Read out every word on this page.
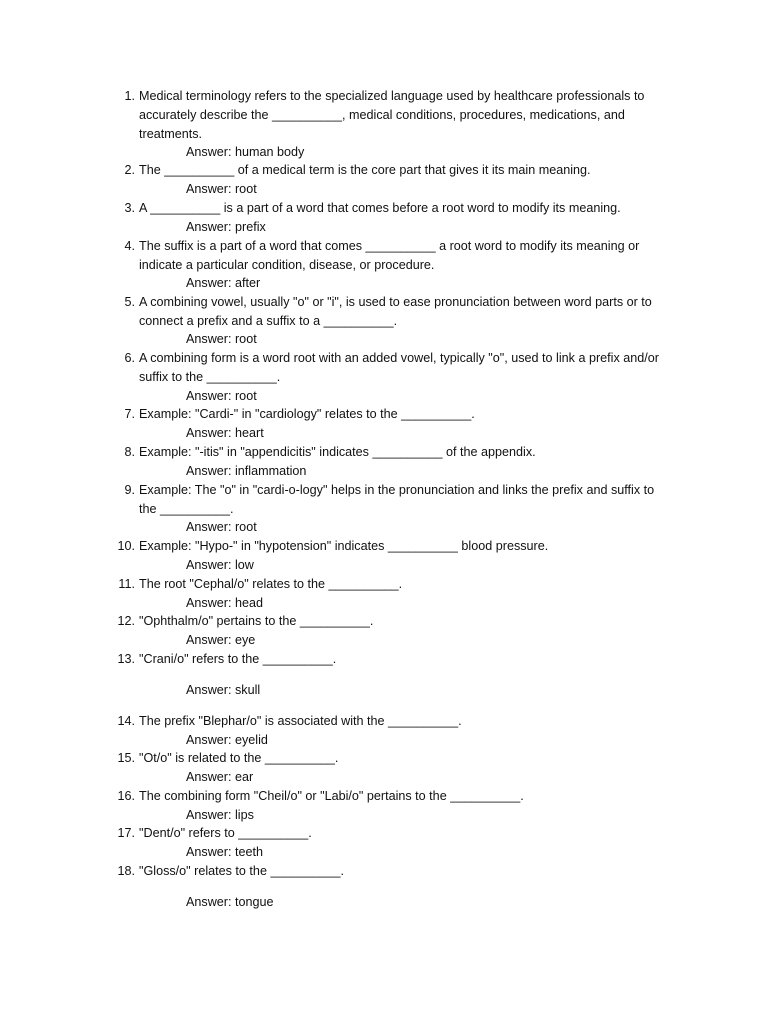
1. Medical terminology refers to the specialized language used by healthcare professionals to accurately describe the __________, medical conditions, procedures, medications, and treatments.
Answer: human body
2. The __________ of a medical term is the core part that gives it its main meaning.
Answer: root
3. A __________ is a part of a word that comes before a root word to modify its meaning.
Answer: prefix
4. The suffix is a part of a word that comes __________ a root word to modify its meaning or indicate a particular condition, disease, or procedure.
Answer: after
5. A combining vowel, usually "o" or "i", is used to ease pronunciation between word parts or to connect a prefix and a suffix to a __________.
Answer: root
6. A combining form is a word root with an added vowel, typically "o", used to link a prefix and/or suffix to the __________.
Answer: root
7. Example: "Cardi-" in "cardiology" relates to the __________.
Answer: heart
8. Example: "-itis" in "appendicitis" indicates __________ of the appendix.
Answer: inflammation
9. Example: The "o" in "cardi-o-logy" helps in the pronunciation and links the prefix and suffix to the __________.
Answer: root
10. Example: "Hypo-" in "hypotension" indicates __________ blood pressure.
Answer: low
11. The root "Cephal/o" relates to the __________.
Answer: head
12. "Ophthalm/o" pertains to the __________.
Answer: eye
13. "Crani/o" refers to the __________.
Answer: skull
14. The prefix "Blephar/o" is associated with the __________.
Answer: eyelid
15. "Ot/o" is related to the __________.
Answer: ear
16. The combining form "Cheil/o" or "Labi/o" pertains to the __________.
Answer: lips
17. "Dent/o" refers to __________.
Answer: teeth
18. "Gloss/o" relates to the __________.
Answer: tongue
